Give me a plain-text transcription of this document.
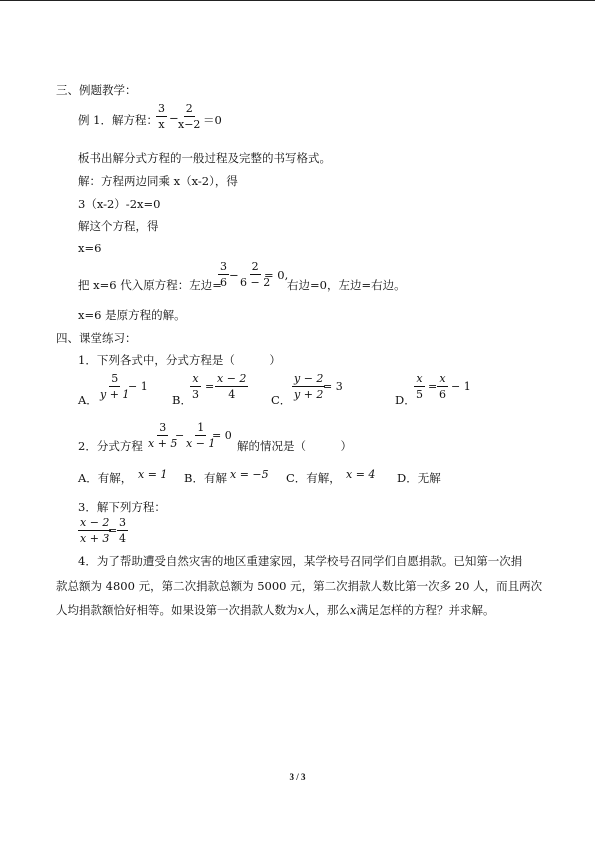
三、例题教学：
例 1．解方程：
$\frac{3}{x}$ −
$\frac{2}{x-2} =0$
板书出解分式方程的一般过程及完整的书写格式。
解：方程两边同乘 x（x-2），得
3（x-2）-2x=0
解这个方程，得
x=6
把 x=6 代入原方程：左边=
$\frac{3}{6} - \frac{2}{6 - 2}$
= 0,
右边=0，左边=右边。
x=6 是原方程的解。
四、课堂练习：
1．下列各式中，分式方程是（　　　）
A． $\frac{5}{y + 1}$
− 1
B．
$\frac{x}{3} = \frac{x - 2}{4}$ C． $\frac{y - 2}{y + 2}$
= 3
D．
$\frac{x}{5} = \frac{x}{6} - 1$
2．分式方程 $\frac{3}{x + 5}$
− $\frac{1}{x - 1}$
= 0
解的情况是（　　　）
A．有解， x = 1 B．有解 x = −5 C．有解， x = 4 D．无解
3．解下列方程：
$\frac{x - 2}{x + 3}$
= $\frac{3}{4}$
4．为了帮助遭受自然灾害的地区重建家园，某学校号召同学们自愿捐款。已知第一次捐
款总额为 4800 元，第二次捐款总额为 5000 元，第二次捐款人数比第一次多 20 人，而且两次
人均捐款额恰好相等。如果设第一次捐款人数为x人，那么x满足怎样的方程？并求解。
3 / 3
